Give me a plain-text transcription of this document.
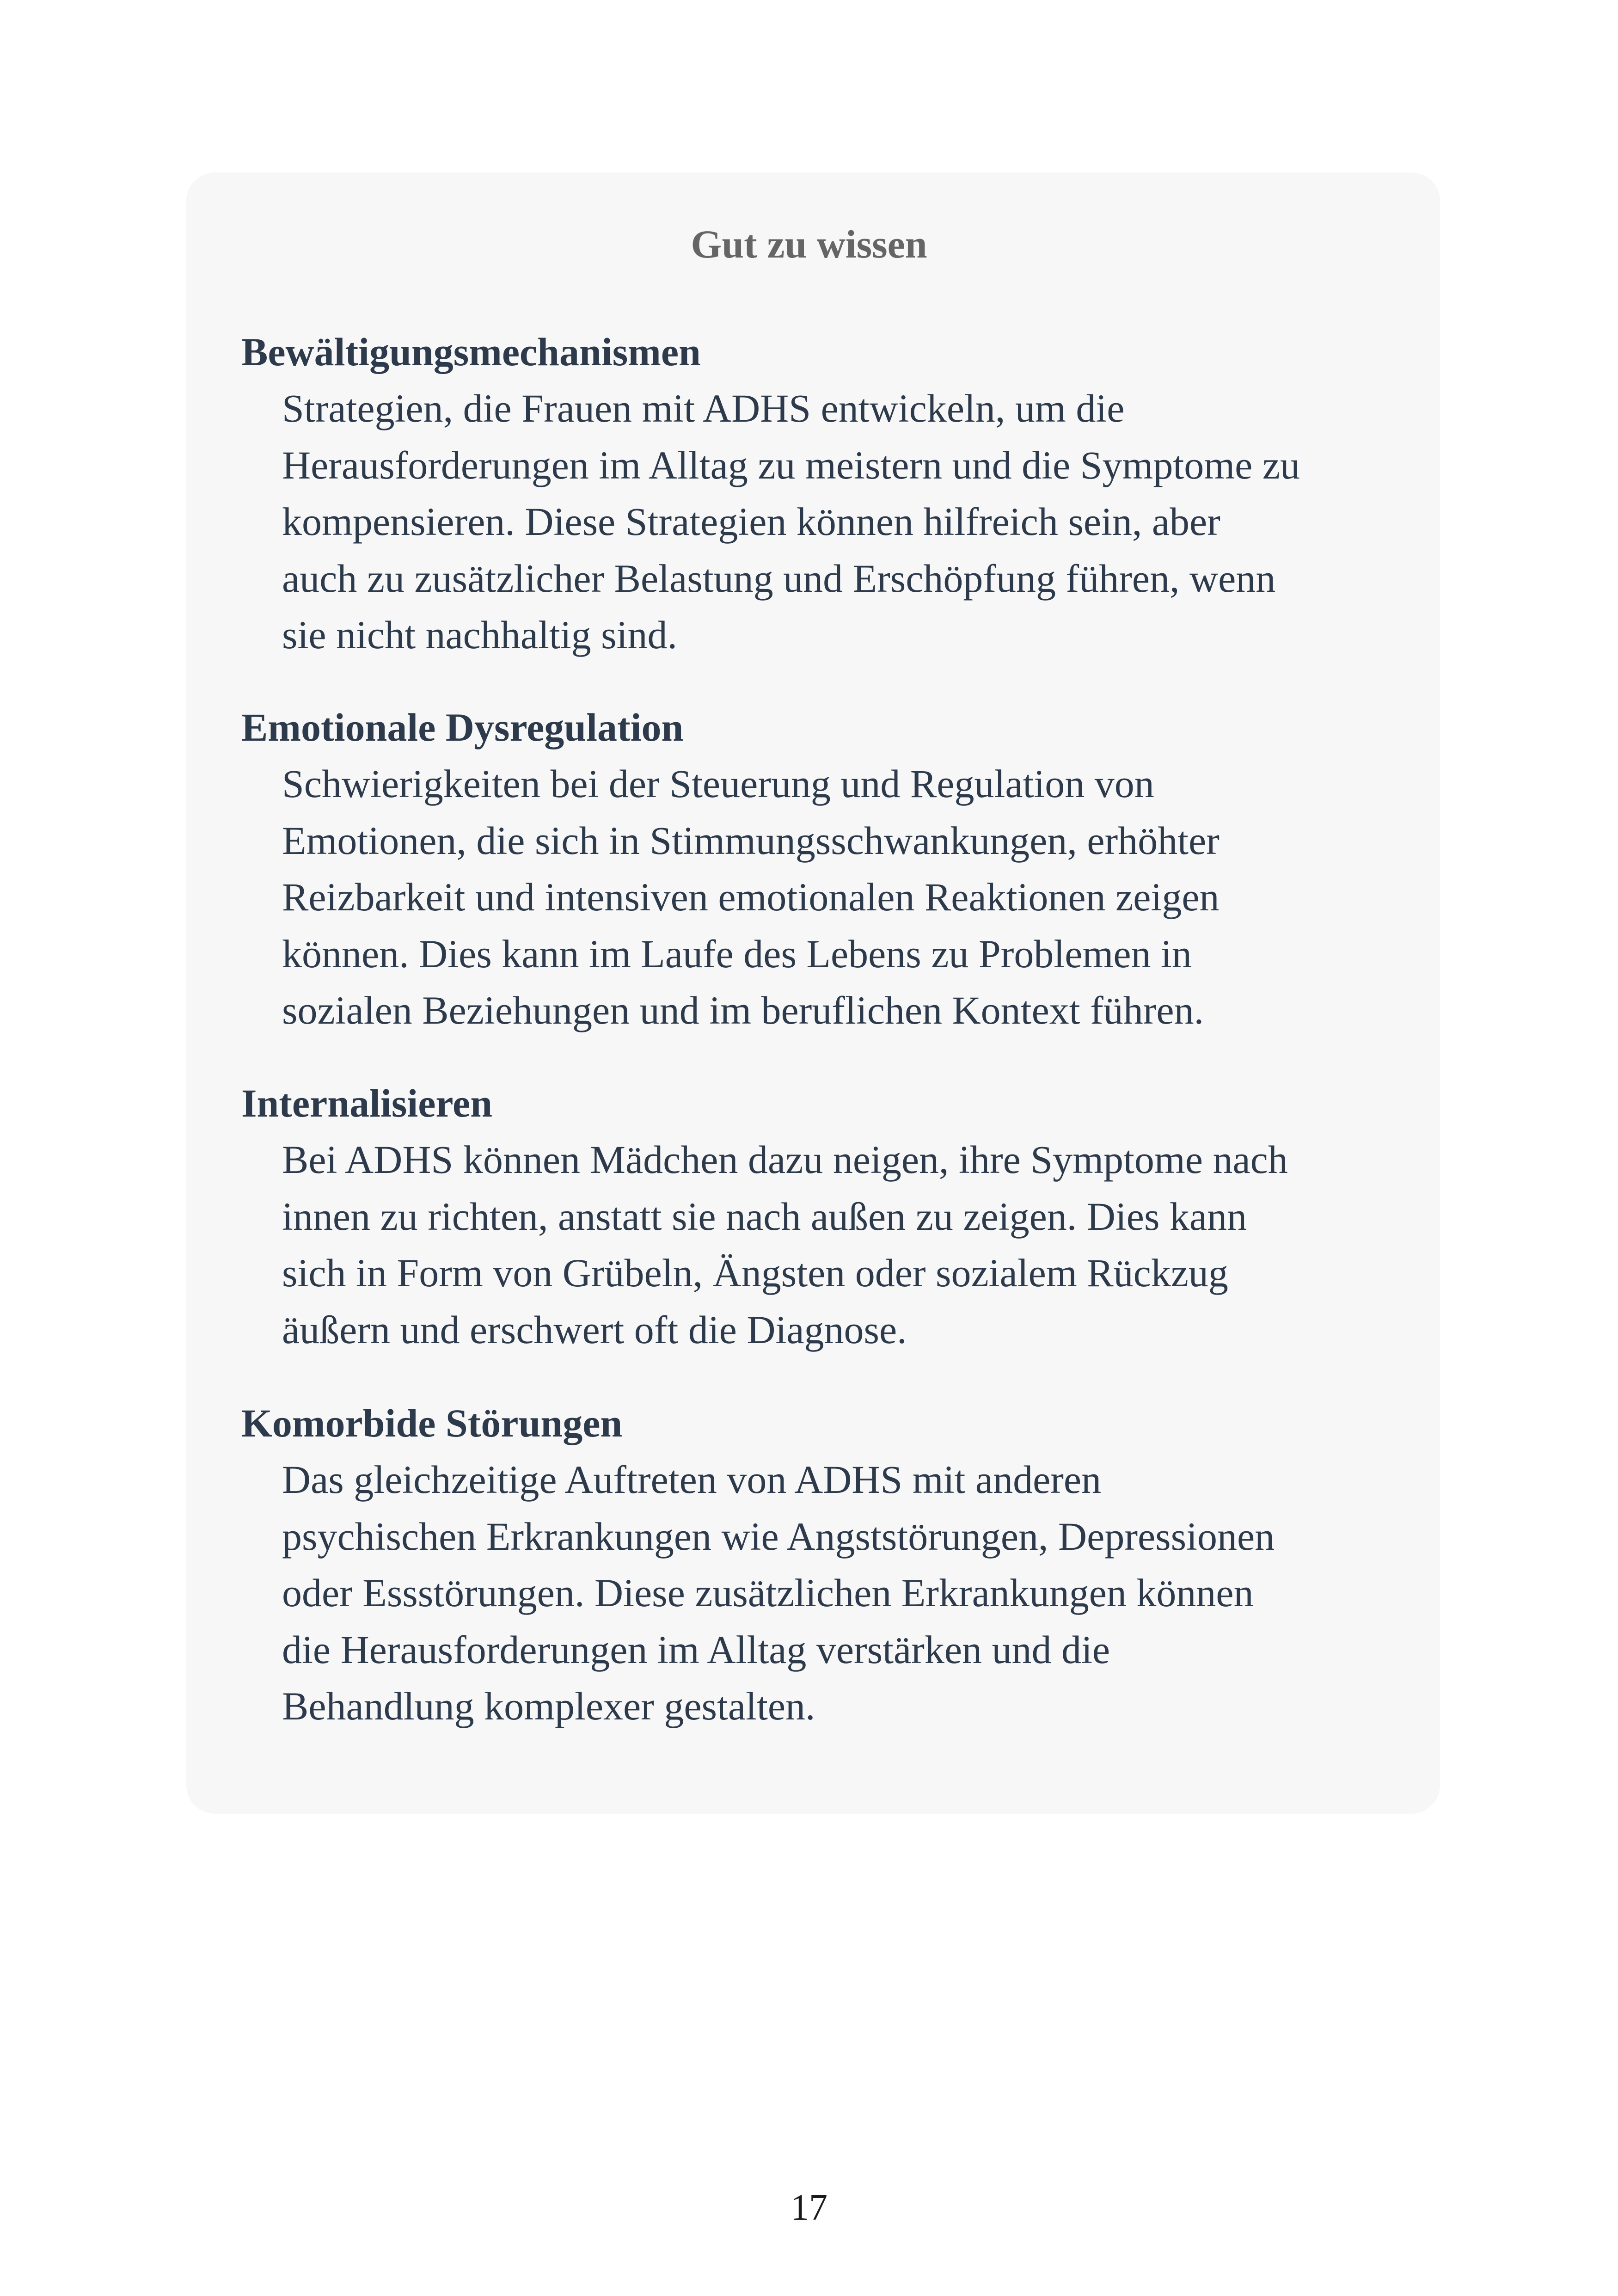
Gut zu wissen

Bewältigungsmechanismen

Strategien, die Frauen mit ADHS entwickeln, um die
Herausforderungen im Alltag zu meistern und die Symptome zu
kompensieren. Diese Strategien können hilfreich sein, aber
auch zu zusätzlicher Belastung und Erschöpfung führen, wenn
sie nicht nachhaltig sind.

Emotionale Dysregulation

Schwierigkeiten bei der Steuerung und Regulation von
Emotionen, die sich in Stimmungsschwankungen, erhöhter
Reizbarkeit und intensiven emotionalen Reaktionen zeigen
können. Dies kann im Laufe des Lebens zu Problemen in
sozialen Beziehungen und im beruflichen Kontext führen.

Internalisieren

Bei ADHS können Mädchen dazu neigen, ihre Symptome nach
innen zu richten, anstatt sie nach außen zu zeigen. Dies kann
sich in Form von Grübeln, Ängsten oder sozialem Rückzug
äußern und erschwert oft die Diagnose.

Komorbide Störungen

Das gleichzeitige Auftreten von ADHS mit anderen
psychischen Erkrankungen wie Angststörungen, Depressionen
oder Essstörungen. Diese zusätzlichen Erkrankungen können
die Herausforderungen im Alltag verstärken und die
Behandlung komplexer gestalten.

17
